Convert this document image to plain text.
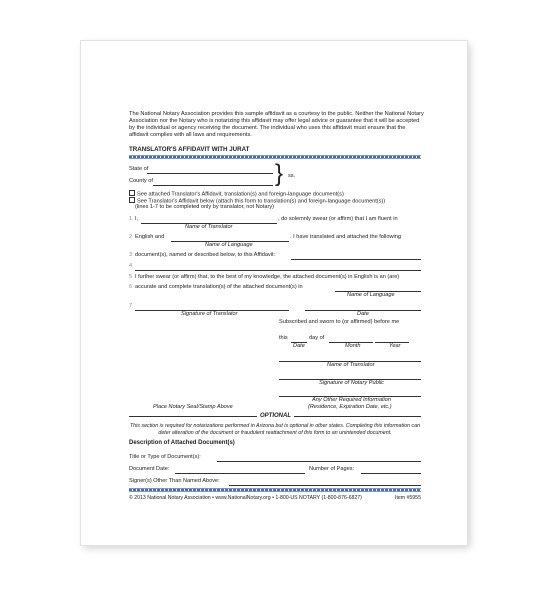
The National Notary Association provides this sample affidavit as a courtesy to the public. Neither the National Notary Association nor the Notary who is notarizing this affidavit may offer legal advice or guarantee that it will be accepted by the individual or agency receiving the document. The individual who uses this affidavit must ensure that the affidavit complies with all laws and requirements.
TRANSLATOR'S AFFIDAVIT WITH JURAT
State of
County of	} ss.
See attached Translator's Affidavit, translation(s) and foreign-language document(s)
See Translator's Affidavit below (attach this form to translation(s) and foreign-language document(s))
(lines 1-7 to be completed only by translator, not Notary)
1 I,	, do solemnly swear (or affirm) that I am fluent in
Name of Translator
2 English and	. I have translated and attached the following
Name of Language
3 document(s), named or described below, to this Affidavit:
4
5 I further swear (or affirm) that, to the best of my knowledge, the attached document(s) in English is an (are)
6 accurate and complete translation(s) of the attached document(s) in
Name of Language
7
Signature of Translator	Date
Subscribed and sworn to (or affirmed) before me
this	day of
Date	Month	Year
Name of Translator
Signature of Notary Public
Any Other Required Information
(Residence, Expiration Date, etc.)
Place Notary Seal/Stamp Above
OPTIONAL
This section is required for notarizations performed in Arizona but is optional in other states. Completing this information can deter alteration of the document or fraudulent reattachment of this form to an unintended document.
Description of Attached Document(s)
Title or Type of Document(s):
Document Date:	Number of Pages:
Signer(s) Other Than Named Above:
© 2013 National Notary Association • www.NationalNotary.org • 1-800-US NOTARY (1-800-876-6827)	Item #5955
